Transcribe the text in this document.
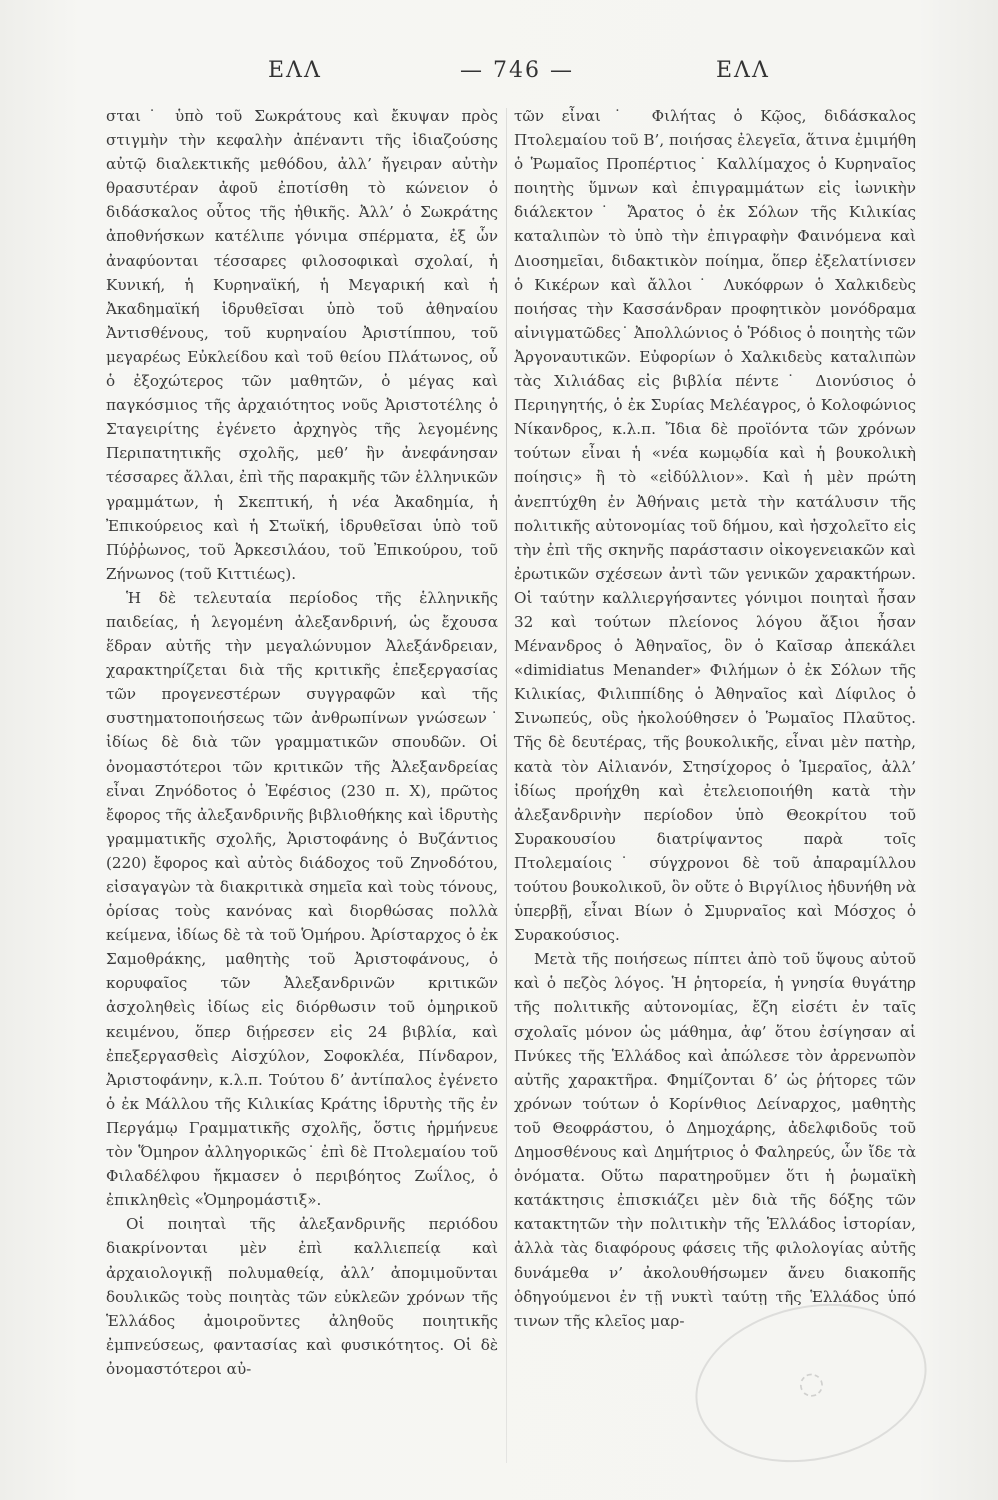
ΕΛΛ	— 746 —	ΕΛΛ

σται˙ ὑπὸ τοῦ Σωκράτους καὶ ἔκυψαν πρὸς στιγμὴν τὴν κεφαλὴν ἀπέναντι τῆς ἰδιαζούσης αὐτῷ διαλεκτικῆς μεθόδου, ἀλλ’ ἤγειραν αὐτὴν θρασυτέραν ἀφοῦ ἐποτίσθη τὸ κώνειον ὁ διδάσκαλος οὗτος τῆς ἠθικῆς. Ἀλλ’ ὁ Σωκράτης ἀποθνήσκων κατέλιπε γόνιμα σπέρματα, ἐξ ὧν ἀναφύονται τέσσαρες φιλοσοφικαὶ σχολαί, ἡ Κυνική, ἡ Κυρηναϊκή, ἡ Μεγαρική καὶ ἡ Ἀκαδημαϊκή ἱδρυθεῖσαι ὑπὸ τοῦ ἀθηναίου Ἀντισθένους, τοῦ κυρηναίου Ἀριστίππου, τοῦ μεγαρέως Εὐκλείδου καὶ τοῦ θείου Πλάτωνος, οὗ ὁ ἐξοχώτερος τῶν μαθητῶν, ὁ μέγας καὶ παγκόσμιος τῆς ἀρχαιότητος νοῦς Ἀριστοτέλης ὁ Σταγειρίτης ἐγένετο ἀρχηγὸς τῆς λεγομένης Περιπατητικῆς σχολῆς, μεθ’ ἣν ἀνεφάνησαν τέσσαρες ἄλλαι, ἐπὶ τῆς παρακμῆς τῶν ἑλληνικῶν γραμμάτων, ἡ Σκεπτική, ἡ νέα Ἀκαδημία, ἡ Ἐπικούρειος καὶ ἡ Στωϊκή, ἱδρυθεῖσαι ὑπὸ τοῦ Πύῤῥωνος, τοῦ Ἀρκεσιλάου, τοῦ Ἐπικούρου, τοῦ Ζήνωνος (τοῦ Κιττιέως).

Ἡ δὲ τελευταία περίοδος τῆς ἑλληνικῆς παιδείας, ἡ λεγομένη ἀλεξανδρινή, ὡς ἔχουσα ἕδραν αὐτῆς τὴν μεγαλώνυμον Ἀλεξάνδρειαν, χαρακτηρίζεται διὰ τῆς κριτικῆς ἐπεξεργασίας τῶν προγενεστέρων συγγραφῶν καὶ τῆς συστηματοποιήσεως τῶν ἀνθρωπίνων γνώσεων˙ ἰδίως δὲ διὰ τῶν γραμματικῶν σπουδῶν. Οἱ ὀνομαστότεροι τῶν κριτικῶν τῆς Ἀλεξανδρείας εἶναι Ζηνόδοτος ὁ Ἐφέσιος (230 π. Χ), πρῶτος ἔφορος τῆς ἀλεξανδρινῆς βιβλιοθήκης καὶ ἱδρυτὴς γραμματικῆς σχολῆς, Ἀριστοφάνης ὁ Βυζάντιος (220) ἔφορος καὶ αὐτὸς διάδοχος τοῦ Ζηνοδότου, εἰσαγαγὼν τὰ διακριτικὰ σημεῖα καὶ τοὺς τόνους, ὁρίσας τοὺς κανόνας καὶ διορθώσας πολλὰ κείμενα, ἰδίως δὲ τὰ τοῦ Ὁμήρου. Ἀρίσταρχος ὁ ἐκ Σαμοθράκης, μαθητὴς τοῦ Ἀριστοφάνους, ὁ κορυφαῖος τῶν Ἀλεξανδρινῶν κριτικῶν ἀσχοληθεὶς ἰδίως εἰς διόρθωσιν τοῦ ὁμηρικοῦ κειμένου, ὅπερ διῄρεσεν εἰς 24 βιβλία, καὶ ἐπεξεργασθεὶς Αἰσχύλον, Σοφοκλέα, Πίνδαρον, Ἀριστοφάνην, κ.λ.π. Τούτου δ’ ἀντίπαλος ἐγένετο ὁ ἐκ Μάλλου τῆς Κιλικίας Κράτης ἱδρυτὴς τῆς ἐν Περγάμῳ Γραμματικῆς σχολῆς, ὅστις ἡρμήνευε τὸν Ὅμηρον ἀλληγορικῶς˙ ἐπὶ δὲ Πτολεμαίου τοῦ Φιλαδέλφου ἤκμασεν ὁ περιβόητος Ζωΐλος, ὁ ἐπικληθεὶς «Ὁμηρομάστιξ».

Οἱ ποιηταὶ τῆς ἀλεξανδρινῆς περιόδου διακρίνονται μὲν ἐπὶ καλλιεπείᾳ καὶ ἀρχαιολογικῇ πολυμαθείᾳ, ἀλλ’ ἀπομιμοῦνται δουλικῶς τοὺς ποιητὰς τῶν εὐκλεῶν χρόνων τῆς Ἑλλάδος ἀμοιροῦντες ἀληθοῦς ποιητικῆς ἐμπνεύσεως, φαντασίας καὶ φυσικότητος. Οἱ δὲ ὀνομαστότεροι αὐ-

τῶν εἶναι˙ Φιλήτας ὁ Κῷος, διδάσκαλος Πτολεμαίου τοῦ Β’, ποιήσας ἐλεγεῖα, ἅτινα ἐμιμήθη ὁ Ῥωμαῖος Προπέρτιος˙ Καλλίμαχος ὁ Κυρηναῖος ποιητὴς ὕμνων καὶ ἐπιγραμμάτων εἰς ἰωνικὴν διάλεκτον˙ Ἄρατος ὁ ἐκ Σόλων τῆς Κιλικίας καταλιπὼν τὸ ὑπὸ τὴν ἐπιγραφὴν Φαινόμενα καὶ Διοσημεῖαι, διδακτικὸν ποίημα, ὅπερ ἐξελατίνισεν ὁ Κικέρων καὶ ἄλλοι˙ Λυκόφρων ὁ Χαλκιδεὺς ποιήσας τὴν Κασσάνδραν προφητικὸν μονόδραμα αἰνιγματῶδες˙ Ἀπολλώνιος ὁ Ῥόδιος ὁ ποιητὴς τῶν Ἀργοναυτικῶν. Εὐφορίων ὁ Χαλκιδεὺς καταλιπὼν τὰς Χιλιάδας εἰς βιβλία πέντε˙ Διονύσιος ὁ Περιηγητής, ὁ ἐκ Συρίας Μελέαγρος, ὁ Κολοφώνιος Νίκανδρος, κ.λ.π. Ἴδια δὲ προϊόντα τῶν χρόνων τούτων εἶναι ἡ «νέα κωμῳδία καὶ ἡ βουκολικὴ ποίησις» ἢ τὸ «εἰδύλλιον». Καὶ ἡ μὲν πρώτη ἀνεπτύχθη ἐν Ἀθήναις μετὰ τὴν κατάλυσιν τῆς πολιτικῆς αὐτονομίας τοῦ δήμου, καὶ ἠσχολεῖτο εἰς τὴν ἐπὶ τῆς σκηνῆς παράστασιν οἰκογενειακῶν καὶ ἐρωτικῶν σχέσεων ἀντὶ τῶν γενικῶν χαρακτήρων. Οἱ ταύτην καλλιεργήσαντες γόνιμοι ποιηταὶ ἦσαν 32 καὶ τούτων πλείονος λόγου ἄξιοι ἦσαν Μένανδρος ὁ Ἀθηναῖος, ὃν ὁ Καῖσαρ ἀπεκάλει «dimidiatus Menander» Φιλήμων ὁ ἐκ Σόλων τῆς Κιλικίας, Φιλιππίδης ὁ Ἀθηναῖος καὶ Δίφιλος ὁ Σινωπεύς, οὓς ἠκολούθησεν ὁ Ῥωμαῖος Πλαῦτος. Τῆς δὲ δευτέρας, τῆς βουκολικῆς, εἶναι μὲν πατὴρ, κατὰ τὸν Αἰλιανόν, Στησίχορος ὁ Ἱμεραῖος, ἀλλ’ ἰδίως προήχθη καὶ ἐτελειοποιήθη κατὰ τὴν ἀλεξανδρινὴν περίοδον ὑπὸ Θεοκρίτου τοῦ Συρακουσίου διατρίψαντος παρὰ τοῖς Πτολεμαίοις˙ σύγχρονοι δὲ τοῦ ἀπαραμίλλου τούτου βουκολικοῦ, ὃν οὔτε ὁ Βιργίλιος ἠδυνήθη νὰ ὑπερβῇ, εἶναι Βίων ὁ Σμυρναῖος καὶ Μόσχος ὁ Συρακούσιος.

Μετὰ τῆς ποιήσεως πίπτει ἀπὸ τοῦ ὕψους αὐτοῦ καὶ ὁ πεζὸς λόγος. Ἡ ῥητορεία, ἡ γνησία θυγάτηρ τῆς πολιτικῆς αὐτονομίας, ἔζη εἰσέτι ἐν ταῖς σχολαῖς μόνον ὡς μάθημα, ἀφ’ ὅτου ἐσίγησαν αἱ Πνύκες τῆς Ἑλλάδος καὶ ἀπώλεσε τὸν ἀρρενωπὸν αὐτῆς χαρακτῆρα. Φημίζονται δ’ ὡς ῥήτορες τῶν χρόνων τούτων ὁ Κορίνθιος Δείναρχος, μαθητὴς τοῦ Θεοφράστου, ὁ Δημοχάρης, ἀδελφιδοῦς τοῦ Δημοσθένους καὶ Δημήτριος ὁ Φαληρεύς, ὧν ἴδε τὰ ὀνόματα. Οὕτω παρατηροῦμεν ὅτι ἡ ῥωμαϊκὴ κατάκτησις ἐπισκιάζει μὲν διὰ τῆς δόξης τῶν κατακτητῶν τὴν πολιτικὴν τῆς Ἑλλάδος ἱστορίαν, ἀλλὰ τὰς διαφόρους φάσεις τῆς φιλολογίας αὐτῆς δυνάμεθα ν’ ἀκολουθήσωμεν ἄνευ διακοπῆς ὁδηγούμενοι ἐν τῇ νυκτὶ ταύτῃ τῆς Ἑλλάδος ὑπό τινων τῆς κλεῖος μαρ-

◌
